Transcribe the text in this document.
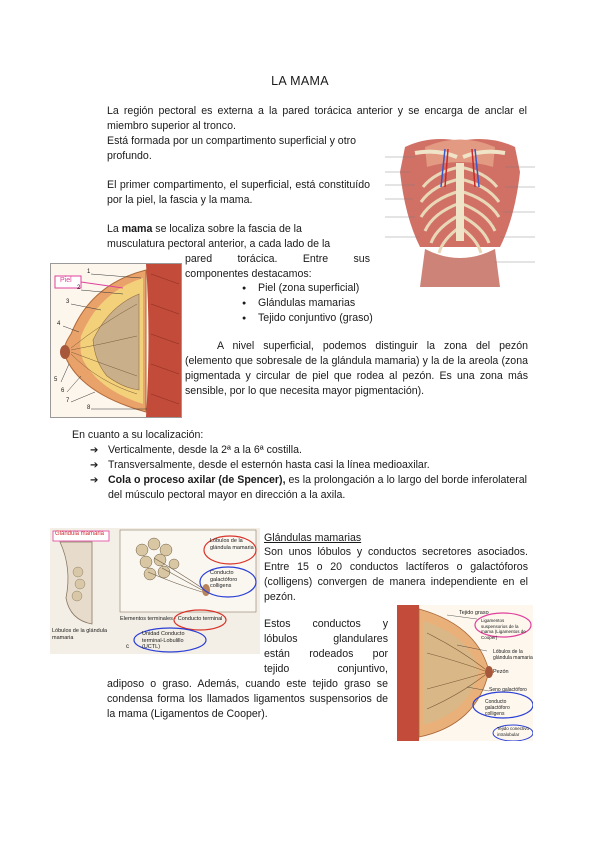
LA MAMA

La región pectoral es externa a la pared torácica anterior y se encarga de anclar el miembro superior al tronco.

Está formada por un compartimento superficial y otro profundo.

El primer compartimento, el superficial, está constituído por la piel, la fascia y la mama.

La mama se localiza sobre la fascia de la
musculatura pectoral anterior, a cada lado de la
pared torácica. Entre sus
componentes destacamos:
● Piel (zona superficial)
● Glándulas mamarias
● Tejido conjuntivo (graso)

A nivel superficial, podemos distinguir la zona del pezón (elemento que sobresale de la glándula mamaria) y la de la areola (zona pigmentada y circular de piel que rodea al pezón. Es una zona más sensible, por lo que necesita mayor pigmentación).

En cuanto a su localización:

➔ Verticalmente, desde la 2ª a la 6ª costilla.
➔ Transversalmente, desde el esternón hasta casi la línea medioaxilar.
➔ Cola o proceso axilar (de Spencer), es la prolongación a lo largo del borde inferolateral del músculo pectoral mayor en dirección a la axila.

Glándulas mamarias

Son unos lóbulos y conductos secretores asociados. Entre 15 o 20 conductos lactíferos o galactóforos (colligens) convergen de manera independiente en el pezón.

Estos conductos y
lóbulos glandulares
están rodeados por
tejido conjuntivo,

adiposo o graso. Además, cuando este tejido graso se condensa forma los llamados ligamentos suspensorios de la mama (Ligamentos de Cooper).

Piel
1
2
3
4
5
6
7
8
Glándula mamaria
Lóbulos de la glándula mamaria
Conducto galactóforo colligens
Elementos terminales · Conducto terminal
Unidad Conducto terminal-Lobulillo (UCTL)
Lóbulos de la glándula mamaria
c
Tejido graso
Ligamentos suspensorios de la mama (Ligamentos de Cooper)
Lóbulos de la glándula mamaria
Pezón
Seno galactóforo
Conducto galactóforo colligens
Tejido conectivo intralobular
